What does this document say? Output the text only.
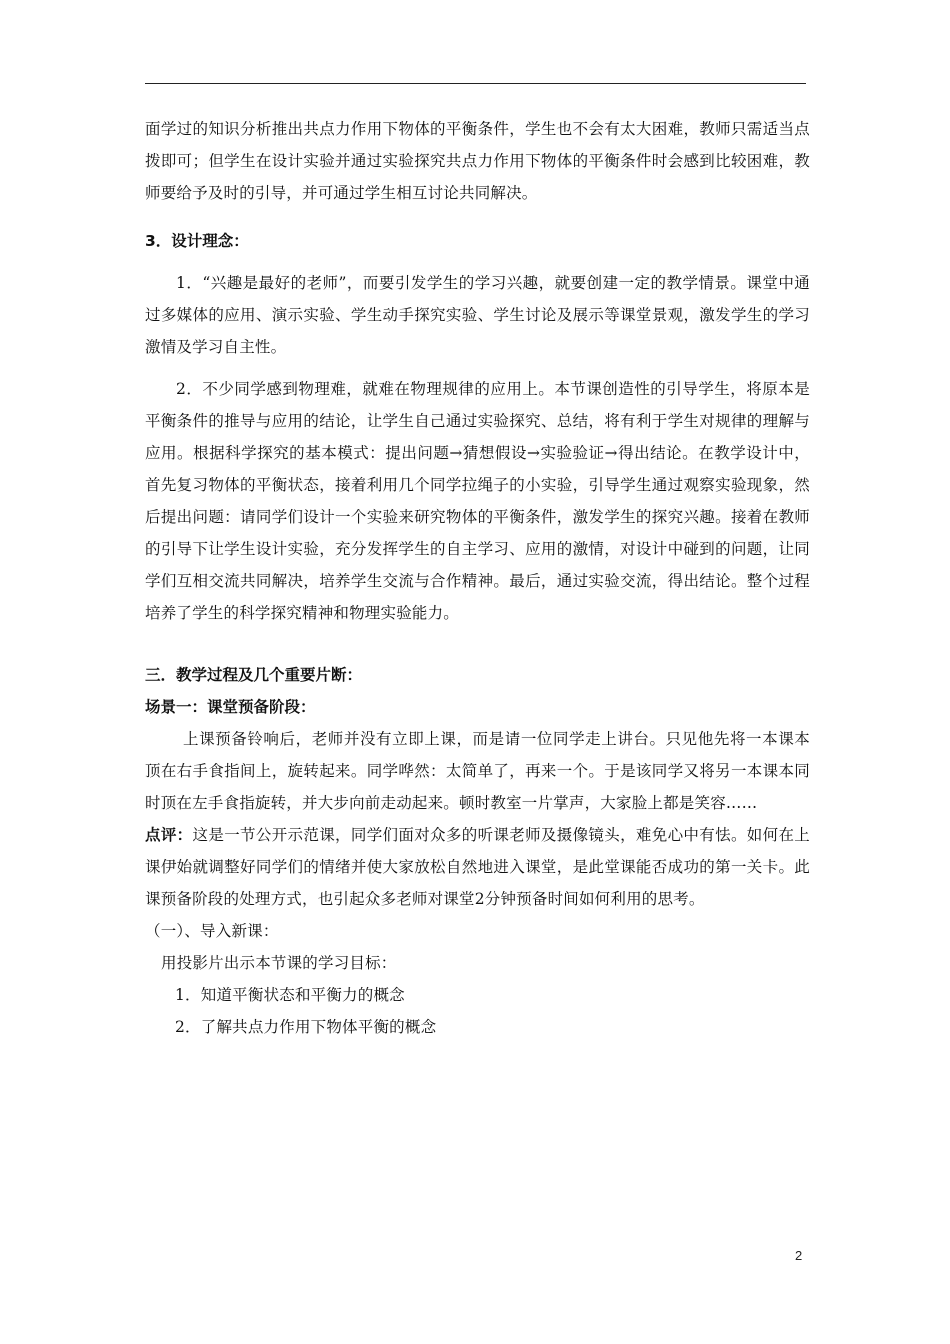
面学过的知识分析推出共点力作用下物体的平衡条件，学生也不会有太大困难，教师只需适当点拨即可；但学生在设计实验并通过实验探究共点力作用下物体的平衡条件时会感到比较困难，教师要给予及时的引导，并可通过学生相互讨论共同解决。

3．设计理念：

1．“兴趣是最好的老师”，而要引发学生的学习兴趣，就要创建一定的教学情景。课堂中通过多媒体的应用、演示实验、学生动手探究实验、学生讨论及展示等课堂景观，激发学生的学习激情及学习自主性。

2．不少同学感到物理难，就难在物理规律的应用上。本节课创造性的引导学生，将原本是平衡条件的推导与应用的结论，让学生自己通过实验探究、总结，将有利于学生对规律的理解与应用。根据科学探究的基本模式：提出问题→猜想假设→实验验证→得出结论。在教学设计中，首先复习物体的平衡状态，接着利用几个同学拉绳子的小实验，引导学生通过观察实验现象，然后提出问题：请同学们设计一个实验来研究物体的平衡条件，激发学生的探究兴趣。接着在教师的引导下让学生设计实验，充分发挥学生的自主学习、应用的激情，对设计中碰到的问题，让同学们互相交流共同解决，培养学生交流与合作精神。最后，通过实验交流，得出结论。整个过程培养了学生的科学探究精神和物理实验能力。

三．教学过程及几个重要片断：

场景一：课堂预备阶段：

上课预备铃响后，老师并没有立即上课，而是请一位同学走上讲台。只见他先将一本课本顶在右手食指间上，旋转起来。同学哗然：太简单了，再来一个。于是该同学又将另一本课本同时顶在左手食指旋转，并大步向前走动起来。顿时教室一片掌声，大家脸上都是笑容……

点评：这是一节公开示范课，同学们面对众多的听课老师及摄像镜头，难免心中有怯。如何在上课伊始就调整好同学们的情绪并使大家放松自然地进入课堂，是此堂课能否成功的第一关卡。此课预备阶段的处理方式，也引起众多老师对课堂2分钟预备时间如何利用的思考。

（一）、导入新课：

用投影片出示本节课的学习目标：

1．知道平衡状态和平衡力的概念

2．了解共点力作用下物体平衡的概念

2
